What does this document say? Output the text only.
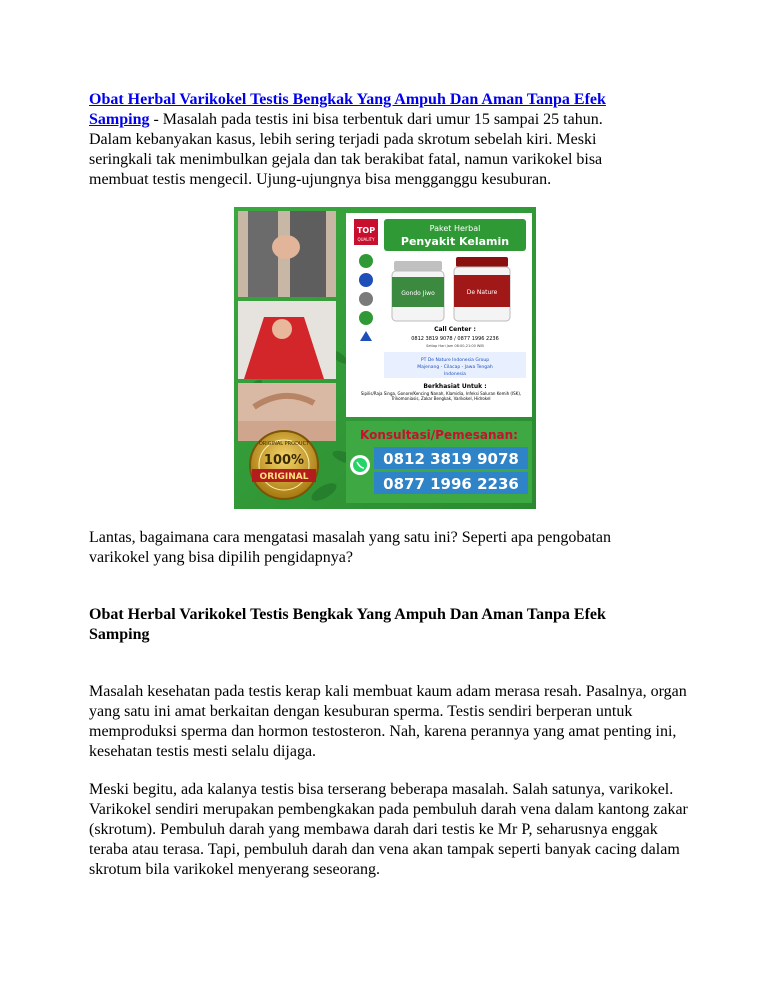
Obat Herbal Varikokel Testis Bengkak Yang Ampuh Dan Aman Tanpa Efek Samping - Masalah pada testis ini bisa terbentuk dari umur 15 sampai 25 tahun. Dalam kebanyakan kasus, lebih sering terjadi pada skrotum sebelah kiri. Meski seringkali tak menimbulkan gejala dan tak berakibat fatal, namun varikokel bisa membuat testis mengecil. Ujung-ujungnya bisa mengganggu kesuburan.

ORIGINAL PRODUCT
100%
ORIGINAL
TOP
QUALITY
Paket Herbal
Penyakit Kelamin
Gondo Jiwo	De Nature
Call Center :
0812 3819 9078 / 0877 1996 2236
Setiap Hari Jam 08:00-21:00 WIB
PT De Nature Indonesia Group
Majenang - Cilacap - Jawa Tengah
Indonesia
Berkhasiat Untuk :
Sipilis/Raja Singa, Gonore/Kencing Nanah, Klamidia, Infeksi Saluran Kemih (ISK), Trikomoniasis, Zakar Bengkak, Varikokel, Hidrokel
Konsultasi/Pemesanan:
0812 3819 9078
0877 1996 2236

Lantas, bagaimana cara mengatasi masalah yang satu ini? Seperti apa pengobatan varikokel yang bisa dipilih pengidapnya?

Obat Herbal Varikokel Testis Bengkak Yang Ampuh Dan Aman Tanpa Efek Samping

Masalah kesehatan pada testis kerap kali membuat kaum adam merasa resah. Pasalnya, organ yang satu ini amat berkaitan dengan kesuburan sperma. Testis sendiri berperan untuk memproduksi sperma dan hormon testosteron. Nah, karena perannya yang amat penting ini, kesehatan testis mesti selalu dijaga.

Meski begitu, ada kalanya testis bisa terserang beberapa masalah. Salah satunya, varikokel. Varikokel sendiri merupakan pembengkakan pada pembuluh darah vena dalam kantong zakar (skrotum). Pembuluh darah yang membawa darah dari testis ke Mr P, seharusnya enggak teraba atau terasa. Tapi, pembuluh darah dan vena akan tampak seperti banyak cacing dalam skrotum bila varikokel menyerang seseorang.
